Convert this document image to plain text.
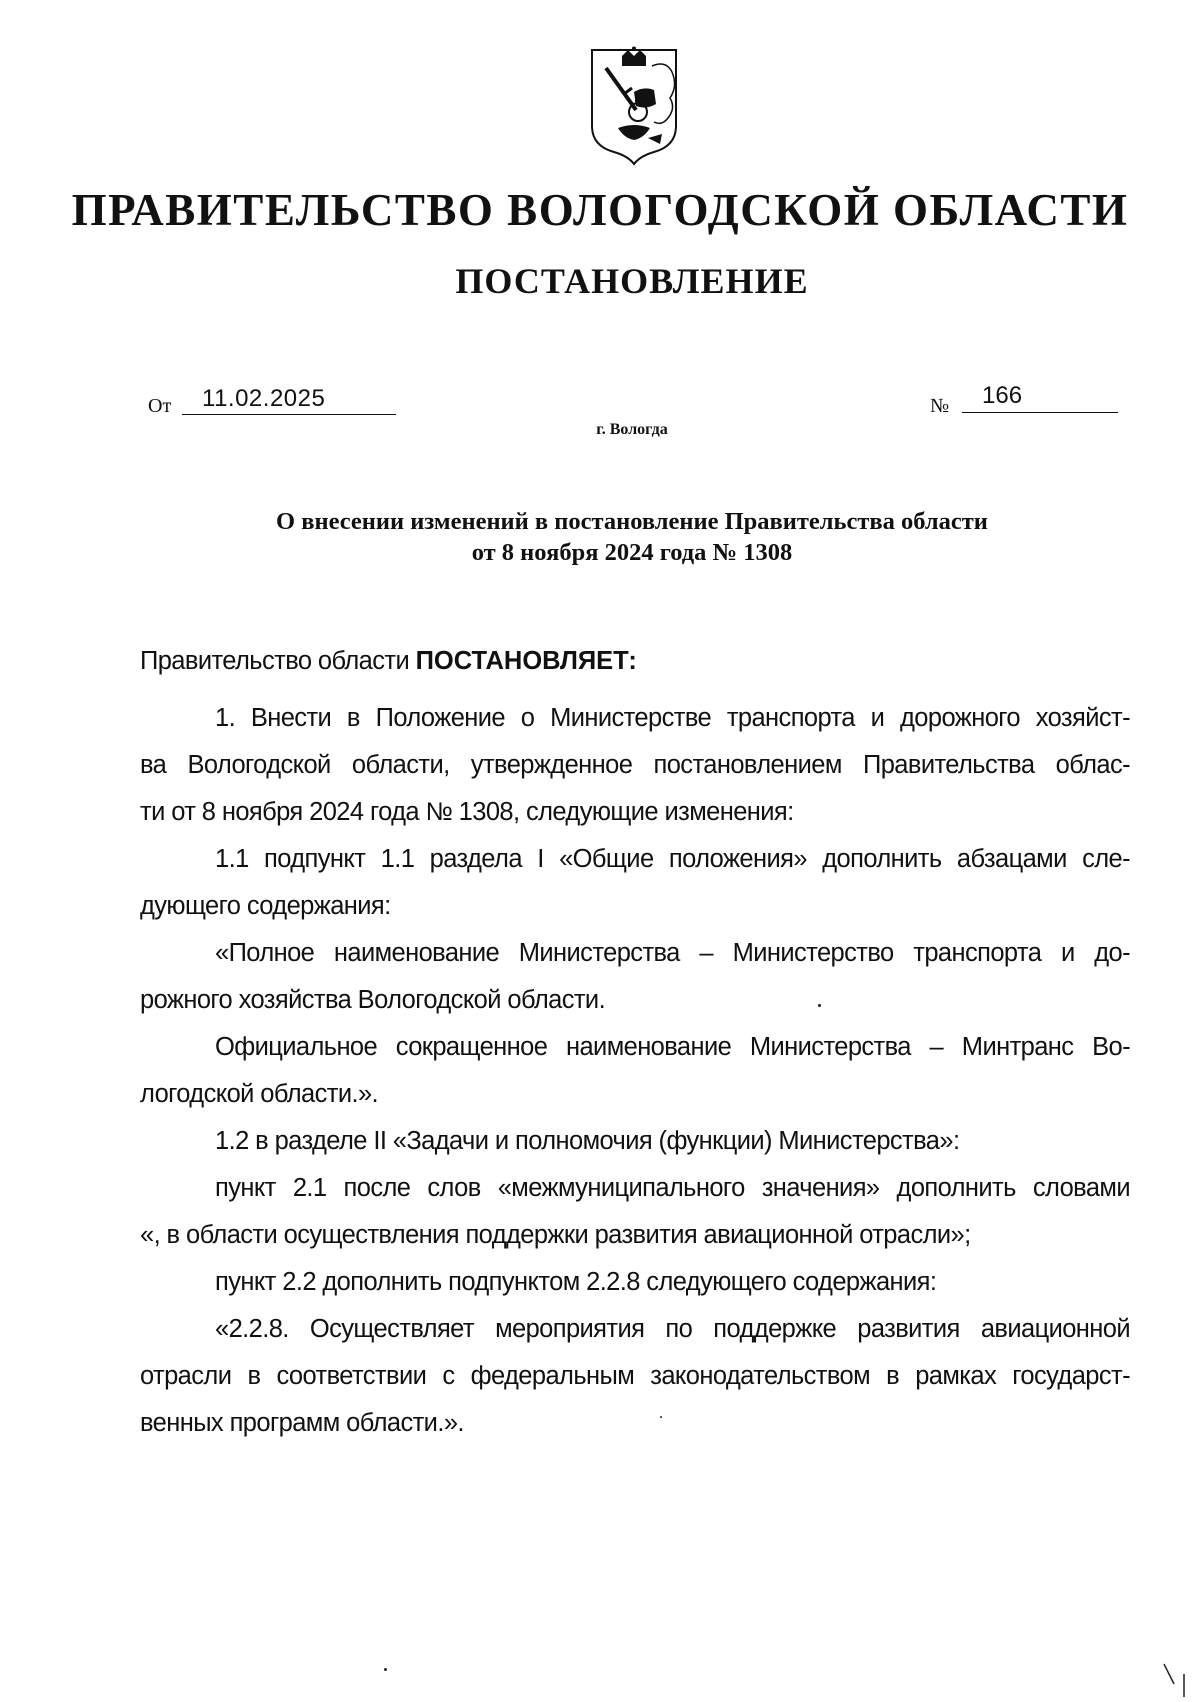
ПРАВИТЕЛЬСТВО ВОЛОГОДСКОЙ ОБЛАСТИ
ПОСТАНОВЛЕНИЕ
От 11.02.2025	№ 166
г. Вологда
О внесении изменений в постановление Правительства области
от 8 ноября 2024 года № 1308
Правительство области ПОСТАНОВЛЯЕТ:
1. Внести в Положение о Министерстве транспорта и дорожного хозяйст-
ва Вологодской области, утвержденное постановлением Правительства облас-
ти от 8 ноября 2024 года № 1308, следующие изменения:
1.1 подпункт 1.1 раздела I «Общие положения» дополнить абзацами сле-
дующего содержания:
«Полное наименование Министерства – Министерство транспорта и до-
рожного хозяйства Вологодской области.
Официальное сокращенное наименование Министерства – Минтранс Во-
логодской области.».
1.2 в разделе II «Задачи и полномочия (функции) Министерства»:
пункт 2.1 после слов «межмуниципального значения» дополнить словами
«, в области осуществления поддержки развития авиационной отрасли»;
пункт 2.2 дополнить подпунктом 2.2.8 следующего содержания:
«2.2.8. Осуществляет мероприятия по поддержке развития авиационной
отрасли в соответствии с федеральным законодательством в рамках государст-
венных программ области.».
